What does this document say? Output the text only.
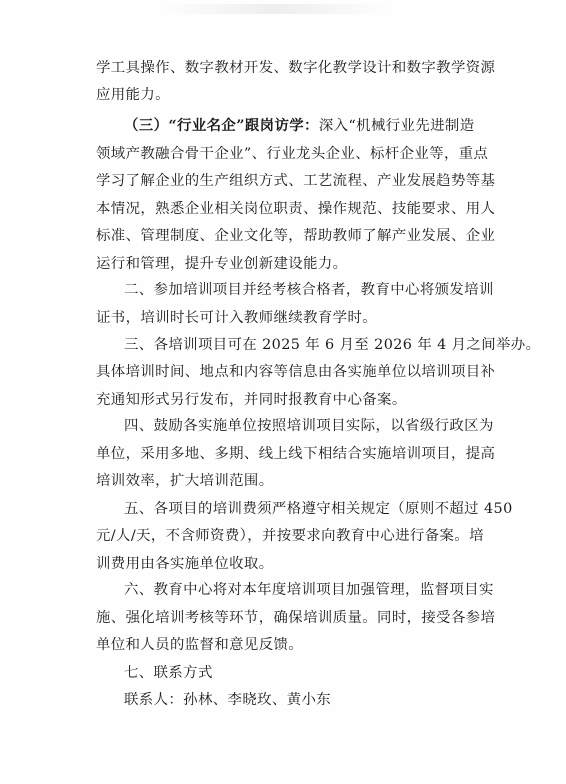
学工具操作、数字教材开发、数字化教学设计和数字教学资源
应用能力。
（三）“行业名企”跟岗访学：深入“机械行业先进制造
领域产教融合骨干企业”、行业龙头企业、标杆企业等，重点
学习了解企业的生产组织方式、工艺流程、产业发展趋势等基
本情况，熟悉企业相关岗位职责、操作规范、技能要求、用人
标准、管理制度、企业文化等，帮助教师了解产业发展、企业
运行和管理，提升专业创新建设能力。
二、参加培训项目并经考核合格者，教育中心将颁发培训
证书，培训时长可计入教师继续教育学时。
三、各培训项目可在 2025 年 6 月至 2026 年 4 月之间举办。
具体培训时间、地点和内容等信息由各实施单位以培训项目补
充通知形式另行发布，并同时报教育中心备案。
四、鼓励各实施单位按照培训项目实际，以省级行政区为
单位，采用多地、多期、线上线下相结合实施培训项目，提高
培训效率，扩大培训范围。
五、各项目的培训费须严格遵守相关规定（原则不超过 450
元/人/天，不含师资费），并按要求向教育中心进行备案。培
训费用由各实施单位收取。
六、教育中心将对本年度培训项目加强管理，监督项目实
施、强化培训考核等环节，确保培训质量。同时，接受各参培
单位和人员的监督和意见反馈。
七、联系方式
联系人：孙林、李晓玫、黄小东
